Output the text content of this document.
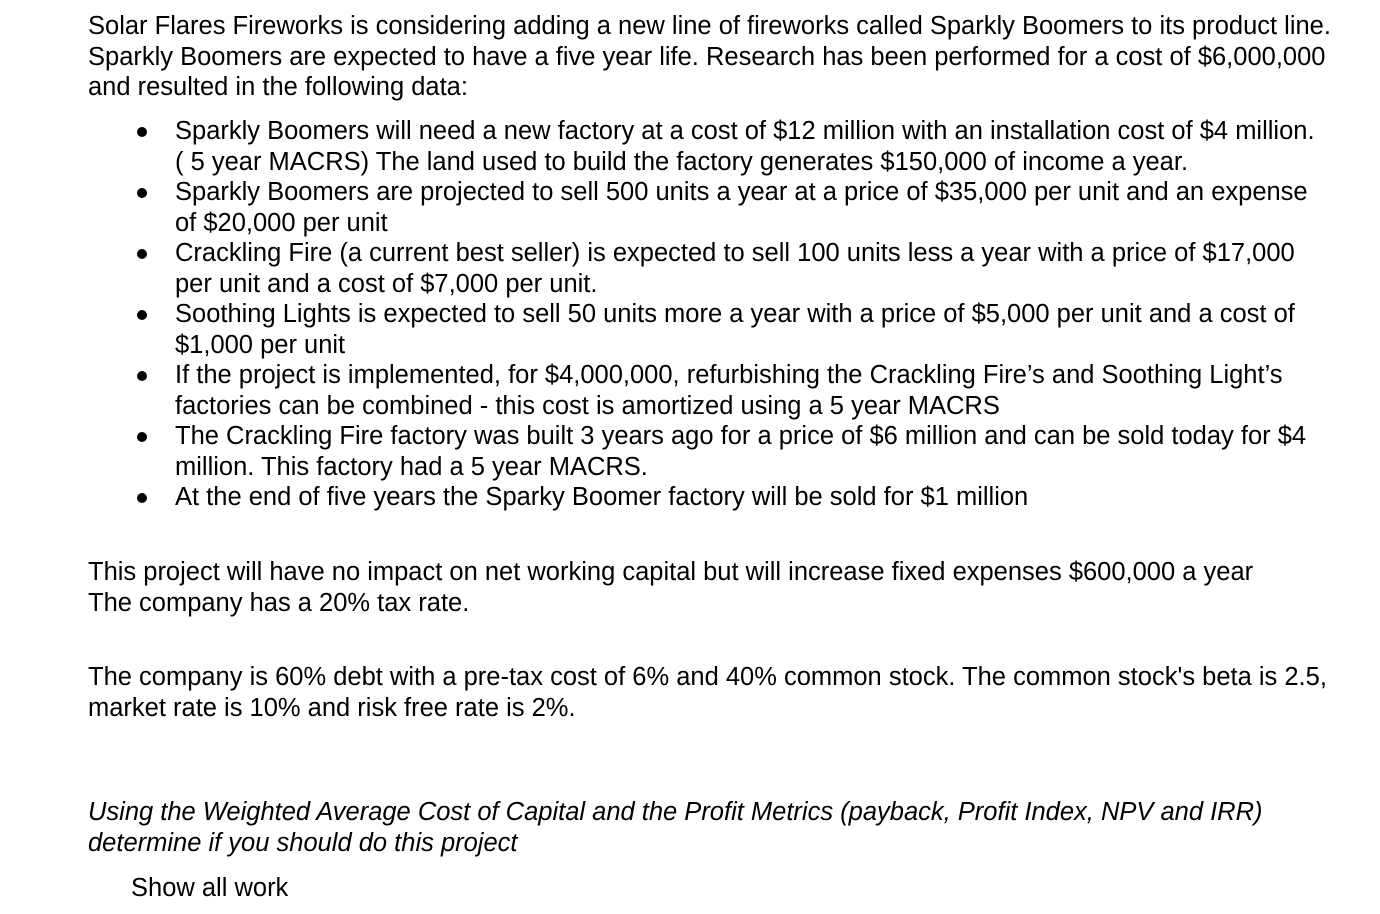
Solar Flares Fireworks is considering adding a new line of fireworks called Sparkly Boomers to its product line. Sparkly Boomers are expected to have a five year life. Research has been performed for a cost of $6,000,000 and resulted in the following data:

Sparkly Boomers will need a new factory at a cost of $12 million with an installation cost of $4 million. ( 5 year MACRS) The land used to build the factory generates $150,000 of income a year.
Sparkly Boomers are projected to sell 500 units a year at a price of $35,000 per unit and an expense of $20,000 per unit
Crackling Fire (a current best seller) is expected to sell 100 units less a year with a price of $17,000 per unit and a cost of $7,000 per unit.
Soothing Lights is expected to sell 50 units more a year with a price of $5,000 per unit and a cost of $1,000 per unit
If the project is implemented, for $4,000,000, refurbishing the Crackling Fire’s and Soothing Light’s factories can be combined - this cost is amortized using a 5 year MACRS
The Crackling Fire factory was built 3 years ago for a price of $6 million and can be sold today for $4 million. This factory had a 5 year MACRS.
At the end of five years the Sparky Boomer factory will be sold for $1 million
This project will have no impact on net working capital but will increase fixed expenses $600,000 a year
The company has a 20% tax rate.

The company is 60% debt with a pre-tax cost of 6% and 40% common stock. The common stock's beta is 2.5, market rate is 10% and risk free rate is 2%.

Using the Weighted Average Cost of Capital and the Profit Metrics (payback, Profit Index, NPV and IRR) determine if you should do this project

Show all work
